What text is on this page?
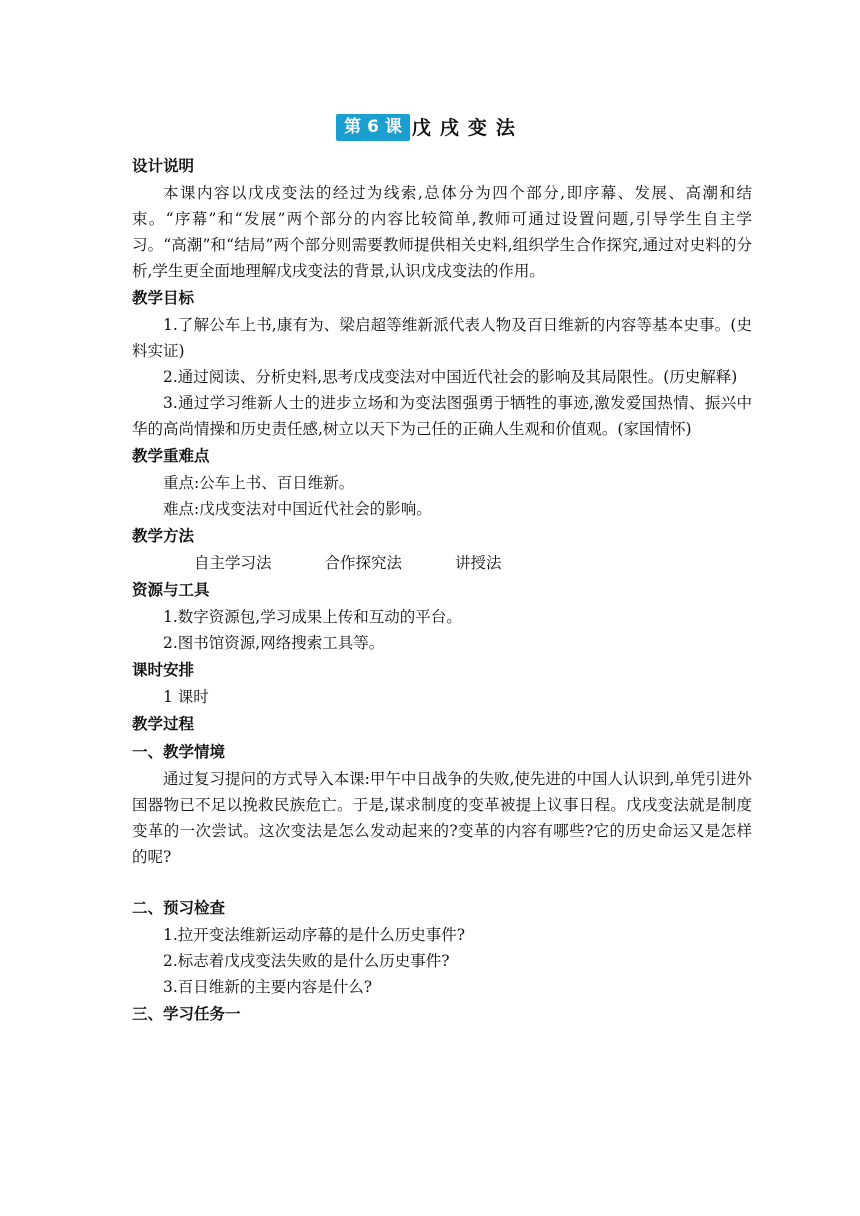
第 6 课 戊戌变法

设计说明

本课内容以戊戌变法的经过为线索,总体分为四个部分,即序幕、发展、高潮和结束。“序幕”和“发展”两个部分的内容比较简单,教师可通过设置问题,引导学生自主学习。“高潮”和“结局”两个部分则需要教师提供相关史料,组织学生合作探究,通过对史料的分析,学生更全面地理解戊戌变法的背景,认识戊戌变法的作用。

教学目标

1.了解公车上书,康有为、梁启超等维新派代表人物及百日维新的内容等基本史事。(史料实证)

2.通过阅读、分析史料,思考戊戌变法对中国近代社会的影响及其局限性。(历史解释)

3.通过学习维新人士的进步立场和为变法图强勇于牺牲的事迹,激发爱国热情、振兴中华的高尚情操和历史责任感,树立以天下为己任的正确人生观和价值观。(家国情怀)

教学重难点

重点:公车上书、百日维新。

难点:戊戌变法对中国近代社会的影响。

教学方法

自主学习法	合作探究法	讲授法

资源与工具

1.数字资源包,学习成果上传和互动的平台。

2.图书馆资源,网络搜索工具等。

课时安排

1 课时

教学过程

一、教学情境

通过复习提问的方式导入本课:甲午中日战争的失败,使先进的中国人认识到,单凭引进外国器物已不足以挽救民族危亡。于是,谋求制度的变革被提上议事日程。戊戌变法就是制度变革的一次尝试。这次变法是怎么发动起来的?变革的内容有哪些?它的历史命运又是怎样的呢?

二、预习检查

1.拉开变法维新运动序幕的是什么历史事件?

2.标志着戊戌变法失败的是什么历史事件?

3.百日维新的主要内容是什么?

三、学习任务一
